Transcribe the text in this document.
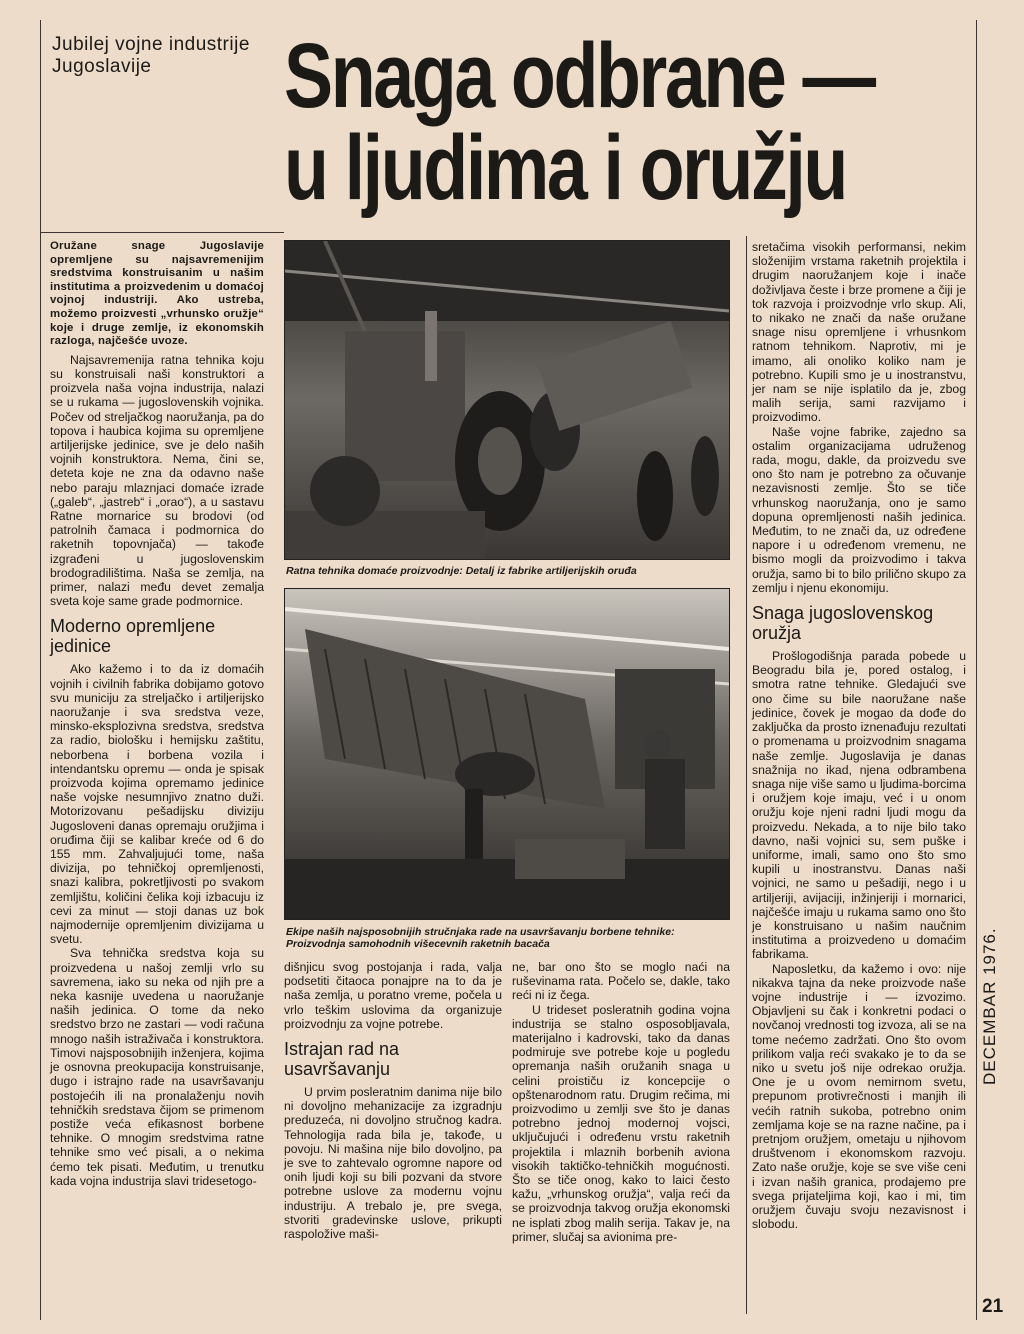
Jubilej vojne industrije Jugoslavije	Snaga odbrane —
u ljudima i oružju
Oružane snage Jugoslavije opremljene su najsavremenijim sredstvima konstruisanim u našim institutima a proizvedenim u domaćoj vojnoj industriji. Ako ustreba, možemo proizvesti „vrhunsko oružje“ koje i druge zemlje, iz ekonomskih razloga, najčešće uvoze.

Najsavremenija ratna tehnika koju su konstruisali naši konstruktori a proizvela naša vojna industrija, nalazi se u rukama — jugoslovenskih vojnika. Počev od streljačkog naoružanja, pa do topova i haubica kojima su opremljene artiljerijske jedinice, sve je delo naših vojnih konstruktora. Nema, čini se, deteta koje ne zna da odavno naše nebo paraju mlaznjaci domaće izrade („galeb“, „jastreb“ i „orao“), a u sastavu Ratne mornarice su brodovi (od patrolnih čamaca i podmornica do raketnih topovnjača) — takođe izgrađeni u jugoslovenskim brodogradilištima. Naša se zemlja, na primer, nalazi među devet zemalja sveta koje same grade podmornice.

Moderno opremljene jedinice

Ako kažemo i to da iz domaćih vojnih i civilnih fabrika dobijamo gotovo svu municiju za streljačko i artiljerijsko naoružanje i sva sredstva veze, minsko-eksplozivna sredstva, sredstva za radio, biološku i hemijsku zaštitu, neborbena i borbena vozila i intendantsku opremu — onda je spisak proizvoda kojima opremamo jedinice naše vojske nesumnjivo znatno duži. Motorizovanu pešadijsku diviziju Jugosloveni danas opremaju oružjima i oruđima čiji se kalibar kreće od 6 do 155 mm. Zahvaljujući tome, naša divizija, po tehničkoj opremljenosti, snazi kalibra, pokretljivosti po svakom zemljištu, količini čelika koji izbacuju iz cevi za minut — stoji danas uz bok najmodernije opremljenim divizijama u svetu.

Sva tehnička sredstva koja su proizvedena u našoj zemlji vrlo su savremena, iako su neka od njih pre a neka kasnije uvedena u naoružanje naših jedinica. O tome da neko sredstvo brzo ne zastari — vodi računa mnogo naših istraživača i konstruktora. Timovi najsposobnijih inženjera, kojima je osnovna preokupacija konstruisanje, dugo i istrajno rade na usavršavanju postojećih ili na pronalaženju novih tehničkih sredstava čijom se primenom postiže veća efikasnost borbene tehnike. O mnogim sredstvima ratne tehnike smo već pisali, a o nekima ćemo tek pisati. Međutim, u trenutku kada vojna industrija slavi tridesetogo-

Ratna tehnika domaće proizvodnje: Detalj iz fabrike artiljerijskih oruđa
Ekipe naših najsposobnijih stručnjaka rade na usavršavanju borbene tehnike: Proizvodnja samohodnih višecevnih raketnih bacača

dišnjicu svog postojanja i rada, valja podsetiti čitaoca ponajpre na to da je naša zemlja, u poratno vreme, počela u vrlo teškim uslovima da organizuje proizvodnju za vojne potrebe.

Istrajan rad na usavršavanju

U prvim posleratnim danima nije bilo ni dovoljno mehanizacije za izgradnju preduzeća, ni dovoljno stručnog kadra. Tehnologija rada bila je, takođe, u povoju. Ni mašina nije bilo dovoljno, pa je sve to zahtevalo ogromne napore od onih ljudi koji su bili pozvani da stvore potrebne uslove za modernu vojnu industriju. A trebalo je, pre svega, stvoriti gradevinske uslove, prikupti raspoložive maši-

ne, bar ono što se moglo naći na ruševinama rata. Počelo se, dakle, tako reći ni iz čega.

U trideset posleratnih godina vojna industrija se stalno osposobljavala, materijalno i kadrovski, tako da danas podmiruje sve potrebe koje u pogledu opremanja naših oružanih snaga u celini proističu iz koncepcije o opštenarodnom ratu. Drugim rečima, mi proizvodimo u zemlji sve što je danas potrebno jednoj modernoj vojsci, uključujući i određenu vrstu raketnih projektila i mlaznih borbenih aviona visokih taktičko-tehničkih mogućnosti. Što se tiče onog, kako to laici često kažu, „vrhunskog oružja“, valja reći da se proizvodnja takvog oružja ekonomski ne isplati zbog malih serija. Takav je, na primer, slučaj sa avionima pre-

sretačima visokih performansi, nekim složenijim vrstama raketnih projektila i drugim naoružanjem koje i inače doživljava česte i brze promene a čiji je tok razvoja i proizvodnje vrlo skup. Ali, to nikako ne znači da naše oružane snage nisu opremljene i vrhusnkom ratnom tehnikom. Naprotiv, mi je imamo, ali onoliko koliko nam je potrebno. Kupili smo je u inostranstvu, jer nam se nije isplatilo da je, zbog malih serija, sami razvijamo i proizvodimo.

Naše vojne fabrike, zajedno sa ostalim organizacijama udruženog rada, mogu, dakle, da proizvedu sve ono što nam je potrebno za očuvanje nezavisnosti zemlje. Što se tiče vrhunskog naoružanja, ono je samo dopuna opremljenosti naših jedinica. Međutim, to ne znači da, uz određene napore i u određenom vremenu, ne bismo mogli da proizvodimo i takva oružja, samo bi to bilo prilično skupo za zemlju i njenu ekonomiju.

Snaga jugoslovenskog oružja

Prošlogodišnja parada pobede u Beogradu bila je, pored ostalog, i smotra ratne tehnike. Gledajući sve ono čime su bile naoružane naše jedinice, čovek je mogao da dođe do zaključka da prosto iznenađuju rezultati o promenama u proizvodnim snagama naše zemlje. Jugoslavija je danas snažnija no ikad, njena odbrambena snaga nije više samo u ljudima-borcima i oružjem koje imaju, već i u onom oružju koje njeni radni ljudi mogu da proizvedu. Nekada, a to nije bilo tako davno, naši vojnici su, sem puške i uniforme, imali, samo ono što smo kupili u inostranstvu. Danas naši vojnici, ne samo u pešadiji, nego i u artiljeriji, avijaciji, inžinjeriji i mornarici, najčešće imaju u rukama samo ono što je konstruisano u našim naučnim institutima a proizvedeno u domaćim fabrikama.

Naposletku, da kažemo i ovo: nije nikakva tajna da neke proizvode naše vojne industrije i — izvozimo. Objavljeni su čak i konkretni podaci o novčanoj vrednosti tog izvoza, ali se na tome nećemo zadržati. Ono što ovom prilikom valja reći svakako je to da se niko u svetu još nije odrekao oružja. One je u ovom nemirnom svetu, prepunom protivrečnosti i manjih ili većih ratnih sukoba, potrebno onim zemljama koje se na razne načine, pa i pretnjom oružjem, ometaju u njihovom društvenom i ekonomskom razvoju. Zato naše oružje, koje se sve više ceni i izvan naših granica, prodajemo pre svega prijateljima koji, kao i mi, tim oružjem čuvaju svoju nezavisnost i slobodu.

DECEMBAR 1976.
21
